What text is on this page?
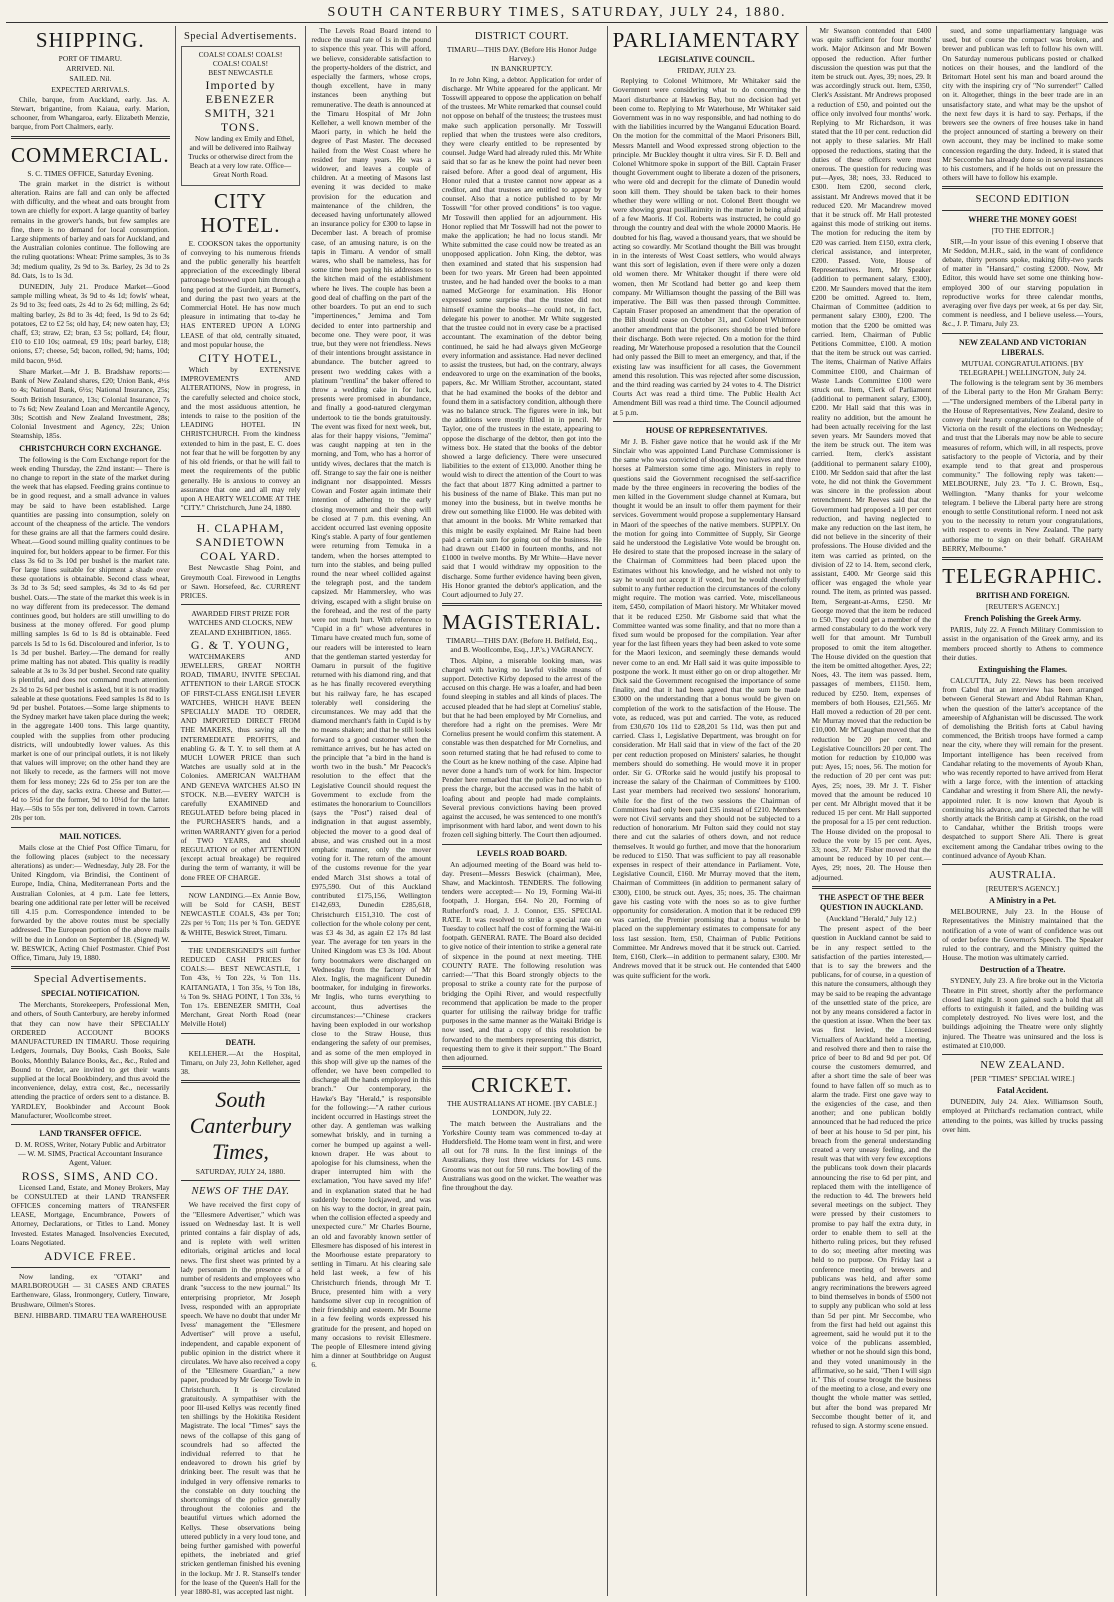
SOUTH CANTERBURY TIMES, SATURDAY, JULY 24, 1880.
SHIPPING.
PORT OF TIMARU.
ARRIVED. Nil.
SAILED. Nil.
EXPECTED ARRIVALS.

Chile, barque, from Auckland, early. Jas. A. Stewart, brigantine, from Kaiaua, early. Marion, schooner, from Whangaroa, early. Elizabeth Menzie, barque, from Port Chalmers, early.

COMMERCIAL.
S. C. TIMES OFFICE, Saturday Evening.

The grain market in the district is without alteration. Rains are fall and can only be affected with difficulty, and the wheat and oats brought from town are chiefly for export. A large quantity of barley remains in the grower's hands, but few samples are fine, there is no demand for local consumption. Large shipments of barley and oats for Auckland, and the Australian colonies continue. The following are the ruling quotations: Wheat: Prime samples, 3s to 3s 3d; medium quality, 2s 9d to 3s. Barley, 2s 3d to 2s 8d. Oats, 1s to 1s 3d.

DUNEDIN, July 21. Produce Market—Good sample milling wheat, 3s 9d to 4s 1d; fowls' wheat, 2s 9d to 3s; feed oats, 2s 4d to 2s 6d; milling, 2s 6d; malting barley, 2s 8d to 3s 4d; feed, 1s 9d to 2s 6d; potatoes, £2 to £2 5s; old hay, £4; new oaten hay, £3; chaff, £3; straw, £2; bran, £3 5s; pollard, £4; flour, £10 to £10 10s; oatmeal, £9 10s; pearl barley, £18; onions, £7; cheese, 5d; bacon, rolled, 9d; hams, 10d; mild bacon, 9½d.

Share Market.—Mr J. B. Bradshaw reports:—Bank of New Zealand shares, £20; Union Bank, 4½s to 4s; National Bank, 6½s; National Insurance, 25s; South British Insurance, 13s; Colonial Insurance, 7s to 7s 6d; New Zealand Loan and Mercantile Agency, 30s; Scottish and New Zealand Investment, 28s; Colonial Investment and Agency, 22s; Union Steamship, 185s.

CHRISTCHURCH CORN EXCHANGE.

The following is the Corn Exchange report for the week ending Thursday, the 22nd instant:— There is no change to report in the state of the market during the week that has elapsed. Feeding grains continue to be in good request, and a small advance in values may be said to have been established. Large quantities are passing into consumption, solely on account of the cheapness of the article. The vendors for these grains are all that the farmers could desire. Wheat.—Good sound milling quality continues to be inquired for, but holders appear to be firmer. For this class 3s 6d to 3s 10d per bushel is the market rate. For large lines suitable for shipment a shade over these quotations is obtainable. Second class wheat, 3s 3d to 3s 5d; seed samples, 4s 3d to 4s 6d per bushel. Oats.—The state of the market this week is in no way different from its predecessor. The demand continues good, but holders are still unwilling to do business at the money offered. For good plump milling samples 1s 6d to 1s 8d is obtainable. Feed parcels 1s 5d to 1s 6d. Discoloured and inferior, 1s to 1s 3d per bushel. Barley.—The demand for really prime malting has not abated. This quality is readily saleable at 3s to 3s 3d per bushel. Second rate quality is plentiful, and does not command much attention. 2s 3d to 2s 6d per bushel is asked, but it is not readily saleable at these quotations. Feed samples 1s 8d to 1s 9d per bushel. Potatoes.—Some large shipments to the Sydney market have taken place during the week; in the aggregate 1400 tons. This large quantity, coupled with the supplies from other producing districts, will undoubtedly lower values. As this market is one of our principal outlets, it is not likely that values will improve; on the other hand they are not likely to recede, as the farmers will not move them for less money; 22s 6d to 25s per ton are the prices of the day, sacks extra. Cheese and Butter.—4d to 5½d for the former, 9d to 10½d for the latter. Hay.—50s to 55s per ton, delivered in town. Carrots 20s per ton.

MAIL NOTICES.

Mails close at the Chief Post Office Timaru, for the following places (subject to the necessary alterations) as under:— Wednesday, July 28. For the United Kingdom, via Brindisi, the Continent of Europe, India, China, Mediterranean Ports and the Australian Colonies, at 4 p.m. Late fee letters, bearing one additional rate per letter will be received till 4.15 p.m. Correspondence intended to be forwarded by the above routes must be specially addressed. The European portion of the above mails will be due in London on September 18. (Signed) W. W. BESWICK, Acting Chief Postmaster. Chief Post Office, Timaru, July 19, 1880.

Special Advertisements.
SPECIAL NOTIFICATION.

The Merchants, Storekeepers, Professional Men, and others, of South Canterbury, are hereby informed that they can now have their SPECIALLY ORDERED ACCOUNT BOOKS MANUFACTURED IN TIMARU. Those requiring Ledgers, Journals, Day Books, Cash Books, Sale Books, Monthly Balance Books, &c., &c., Ruled and Bound to Order, are invited to get their wants supplied at the local Bookbindery, and thus avoid the inconvenience, delay, extra cost, &c., necessarily attending the practice of orders sent to a distance. B. YARDLEY, Bookbinder and Account Book Manufacturer, Woollcombe street.

LAND TRANSFER OFFICE.
D. M. ROSS, Writer, Notary Public and Arbitrator — W. M. SIMS, Practical Accountant Insurance Agent, Valuer.
ROSS, SIMS, AND CO.

Licensed Land, Estate, and Money Brokers, May be CONSULTED at their LAND TRANSFER OFFICES concerning matters of TRANSFER LEASE, Mortgage, Encumbrance, Powers of Attorney, Declarations, or Titles to Land. Money Invested. Estates Managed. Insolvencies Executed, Loans Negotiated.

ADVICE FREE.

Now landing, ex "OTAKI" and MARLBOROUGH — 31 CASES AND CRATES Earthenware, Glass, Ironmongery, Cutlery, Tinware, Brushware, Oilmen's Stores.

BENJ. HIBBARD. TIMARU TEA WAREHOUSE
Special Advertisements.
COALS! COALS! COALS! COALS! COALS!
BEST NEWCASTLE
Imported by EBENEZER SMITH, 321 TONS.

Now landing ex Emily and Ethel, and will be delivered into Railway Trucks or otherwise direct from the Beach at a very low rate. Office—Great North Road.

CITY HOTEL.

E. COOKSON takes the opportunity of conveying to his numerous friends and the public generally his heartfelt appreciation of the exceedingly liberal patronage bestowed upon him through a long period at the Gurdeit, at Burnett's, and during the past two years at the Commercial Hotel. He has now much pleasure in intimating that to-day he HAS ENTERED UPON A LONG LEASE of that old, centrally situated, and most popular house, the

CITY HOTEL,

Which by EXTENSIVE IMPROVEMENTS AND ALTERATIONS, Now in progress, in the carefully selected and choice stock, and the most assiduous attention, he intends to raise to the position of the LEADING HOTEL IN CHRISTCHURCH. From the kindness extended to him in the past, E. C. does not fear that he will be forgotten by any of his old friends, or that he will fail to meet the requirements of the public generally. He is anxious to convey an assurance that one and all may rely upon A HEARTY WELCOME AT THE "CITY." Christchurch, June 24, 1880.

H. CLAPHAM, SANDIETOWN COAL YARD.

Best Newcastle Shag Point, and Greymouth Coal. Firewood in Lengths or Sawn. Horsefeed, &c. CURRENT PRICES.

AWARDED FIRST PRIZE FOR WATCHES AND CLOCKS, NEW ZEALAND EXHIBITION, 1865.
G. & T. YOUNG,

WATCHMAKERS AND JEWELLERS, GREAT NORTH ROAD, TIMARU, INVITE SPECIAL ATTENTION to their LARGE STOCK OF FIRST-CLASS ENGLISH LEVER WATCHES, WHICH HAVE BEEN SPECIALLY MADE TO ORDER, AND IMPORTED DIRECT FROM THE MAKERS, thus saving all the INTERMEDIATE PROFITS, and enabling G. & T. Y. to sell them at A MUCH LOWER PRICE than such Watches are usually sold at in the Colonies. AMERICAN WALTHAM AND GENEVA WATCHES ALSO IN STOCK. N.B.—EVERY WATCH is carefully EXAMINED and REGULATED before being placed in the PURCHASER'S hands, and a written WARRANTY given for a period of TWO YEARS, and should REGULATION or other ATTENTION (except actual breakage) be required during the term of warranty, it will be done FREE OF CHARGE.

NOW LANDING.—Ex Annie Bow, will be Sold for CASH, BEST NEWCASTLE COALS, 43s per Ton; 22s per ½ Ton; 11s per ¼ Ton. GEDYE & WHITE, Beswick Street, Timaru.

THE UNDERSIGNED'S still further REDUCED CASH PRICES for COALS:— BEST NEWCASTLE, 1 Ton 43s, ½ Ton 22s, ¼ Ton 11s. KAITANGATA, 1 Ton 35s, ½ Ton 18s, ¼ Ton 9s. SHAG POINT, 1 Ton 33s, ½ Ton 17s. EBENEZER SMITH, Coal Merchant, Great North Road (near Melville Hotel)

DEATH.

KELLEHER.—At the Hospital, Timaru, on July 23, John Kelleher, aged 38.

South Canterbury Times,
SATURDAY, JULY 24, 1880.
NEWS OF THE DAY.

We have received the first copy of the "Ellesmere Advertiser," which was issued on Wednesday last. It is well printed contains a fair display of ads, and is replete with well written editorials, original articles and local news. The first sheet was printed by a lady personam in the presence of a number of residents and employees who drank "success to the new journal." Its enterprising proprietor, Mr Joseph Ivess, responded with an appropriate speech. We have no doubt that under Mr Ivess' management the "Ellesmere Advertiser" will prove a useful, independent, and capable exponent of public opinion in the district where it circulates. We have also received a copy of the "Ellesmere Guardian," a new paper, produced by Mr George Towle in Christchurch. It is circulated gratuitously. A sympathiser with the poor Ill-used Kellys was recently fined ten shillings by the Hokitika Resident Magistrate. The local "Times" says the news of the collapse of this gang of scoundrels had so affected the individual referred to that he endeavored to drown his grief by drinking beer. The result was that he indulged in very offensive remarks to the constable on duty touching the shortcomings of the police generally throughout the colonies and the beautiful virtues which adorned the Kellys. These observations being uttered publicly in a very loud tone, and being further garnished with powerful epithets, the inebriated and grief stricken gentleman finished his evening in the lockup. Mr J. R. Stansell's tender for the lease of the Queen's Hall for the year 1880-81, was accepted last night.

The Levels Road Board intend to reduce the usual rate of 1s in the pound to sixpence this year. This will afford, we believe, considerable satisfaction to the property-holders of the district, and especially the farmers, whose crops, though excellent, have in many instances been anything but remunerative. The death is announced at the Timaru Hospital of Mr John Kelleher, a well known member of the Maori party, in which he held the degree of Past Master. The deceased hailed from the West Coast where he resided for many years. He was a widower, and leaves a couple of children. At a meeting of Masons last evening it was decided to make provision for the education and maintenance of the children, the deceased having unfortunately allowed an insurance policy for £300 to lapse in December last. A breach of promise case, of an amusing nature, is on the tapis in Timaru. A vendor of small wares, who shall be nameless, has for some time been paying his addresses to the kitchen maid of the establishment where he lives. The couple has been a good deal of chaffing on the part of the other boarders. To put an end to such "impertinences," Jemima and Tom decided to enter into partnership and become one. They were poor, it was true, but they were not friendless. News of their intentions brought assistance in abundance. The butcher agreed to present two wedding cakes with a platinum "rentlina" the baker offered to throw a wedding cake in for luck, presents were promised in abundance, and finally a good-natured clergyman undertook to tie the bonds gratuitously. The event was fixed for next week, but, alas for their happy visions, "Jemima" was caught napping at ten in the morning, and Tom, who has a horror of untidy wives, declares that the match is off. Strange to say the fair one is neither indignant nor disappointed. Messrs Cowan and Foster again intimate their intention of adhering to the early closing movement and their shop will be closed at 7 p.m. this evening. An accident occurred last evening opposite King's stable. A party of four gentlemen were returning from Temuka in a tandem, when the horses attempted to turn into the stables, and being pulled round the near wheel collided against the telegraph post, and the tandem capsized. Mr Hammersley, who was driving, escaped with a slight bruise on the forehead, and the rest of the party were not much hurt. With reference to "Cupid in a fit" whose adventures in Timaru have created much fun, some of our readers will be interested to learn that the gentleman started yesterday for Oamaru in pursuit of the fugitive returned with his diamond ring, and that as he has finally recovered everything but his railway fare, he has escaped tolerably well considering the circumstances. We may add that the diamond merchant's faith in Cupid is by no means shaken; and that he still looks forward to a good customer when the remittance arrives, but he has acted on the principle that "a bird in the hand is worth two in the bush." Mr Peacock's resolution to the effect that the Legislative Council should request the Government to exclude from the estimates the honorarium to Councillors (says the "Post") raised deal of indignation in that august assembly, objected the mover to a good deal of abuse, and was crushed out in a most emphatic manner, only the mover voting for it. The return of the amount of the customs revenue for the year ended March 31st shows a total of £975,590. Out of this Auckland contributed £175,156, Wellington £142,693, Dunedin £285,618, Christchurch £151,310. The cost of collection for the whole colony per cent, was £3 4s 3d, as again £2 17s 8d last year. The average for ten years in the United Kingdom was £3 3s 10d. About forty bootmakers were discharged on Wednesday from the factory of Mr Alex. Inglis, the magnificent Dunedin bootmaker, for indulging in fireworks. Mr Inglis, who turns everything to account, thus advertises the circumstances:—"Chinese crackers having been exploded in our workshop close to the Straw House, thus endangering the safety of our premises, and as some of the men employed in this shop will give up the names of the offender, we have been compelled to discharge all the hands employed in this branch." Our contemporary, the Hawke's Bay "Herald," is responsible for the following:—"A rather curious incident occurred in Hastings street the other day. A gentleman was walking somewhat briskly, and in turning a corner he bumped up against a well-known draper. He was about to apologise for his clumsiness, when the draper interrupted him with the exclamation, 'You have saved my life!' and in explanation stated that he had suddenly become lockjawed, and was on his way to the doctor, in great pain, when the collision effected a speedy and unexpected cure." Mr Charles Bourne, an old and favorably known settler of Ellesmere has disposed of his interest in the Moorhouse estate preparatory to settling in Timaru. At his clearing sale held last week, a few of his Christchurch friends, through Mr T. Bruce, presented him with a very handsome silver cup in recognition of their friendship and esteem. Mr Bourne in a few feeling words expressed his gratitude for the present, and hoped on many occasions to revisit Ellesmere. The people of Ellesmere intend giving him a dinner at Southbridge on August 6.

DISTRICT COURT.
TIMARU—THIS DAY. (Before His Honor Judge Harvey.)
IN BANKRUPTCY.

In re John King, a debtor. Application for order of discharge. Mr White appeared for the applicant. Mr Tosswill appeared to oppose the application on behalf of the trustees. Mr White remarked that counsel could not oppose on behalf of the trustees; the trustees must make such application personally. Mr Tosswill replied that when the trustees were also creditors, they were clearly entitled to be represented by counsel. Judge Ward had already ruled this. Mr White said that so far as he knew the point had never been raised before. After a good deal of argument, His Honor ruled that a trustee cannot now appear as a creditor, and that trustees are entitled to appear by counsel. Also that a notice published to by Mr Tosswill "for other proved conditions" is too vague. Mr Tosswill then applied for an adjournment. His Honor replied that Mr Tosswill had not the power to make the application; he had no locus standi. Mr White submitted the case could now be treated as an unopposed application. John King, the debtor, was then examined and stated that his suspension had been for two years. Mr Green had been appointed trustee, and he had handed over the books to a man named McGeorge for examination. His Honor expressed some surprise that the trustee did not himself examine the books—he could not, in fact, delegate his power to another. Mr White suggested that the trustee could not in every case be a practised accountant. The examination of the debtor being continued, he said he had always given McGeorge every information and assistance. Had never declined to assist the trustees, but had, on the contrary, always endeavored to urge on the examination of the books, papers, &c. Mr William Strother, accountant, stated that he had examined the books of the debtor and found them in a satisfactory condition, although there was no balance struck. The figures were in ink, but the additions were mostly filled in in pencil. Mr Taylor, one of the trustees in the estate, appearing to oppose the discharge of the debtor, then got into the witness box. He stated that the books of the debtor showed a large deficiency. There were unsecured liabilities to the extent of £13,000. Another thing he would wish to direct the attention of the Court to was the fact that about 1877 King admitted a partner to his business of the name of Blake. This man put no money into the business, but in twelve months he drew out something like £1000. He was debited with that amount in the books. Mr White remarked that this might be easily explained. Mr Raine had been paid a certain sum for going out of the business. He had drawn out £1400 in fourteen months, and not £1000 in twelve months. By Mr White—Have never said that I would withdraw my opposition to the discharge. Some further evidence having been given, His Honor granted the debtor's application, and the Court adjourned to July 27.

MAGISTERIAL.
TIMARU—THIS DAY. (Before H. Belfield, Esq., and B. Woollcombe, Esq., J.P.'s.) VAGRANCY.

Thos. Alpine, a miserable looking man, was charged with having no lawful visible means of support. Detective Kirby deposed to the arrest of the accused on this charge. He was a loafer, and had been found sleeping in stables and all kinds of places. The accused pleaded that he had slept at Cornelius' stable, but that he had been employed by Mr Cornelius, and therefore had a right on the premises. Were Mr Cornelius present he would confirm this statement. A constable was then despatched for Mr Cornelius, and soon returned stating that he had refused to come to the Court as he knew nothing of the case. Alpine had never done a hand's turn of work for him. Inspector Pender here remarked that the police had no wish to press the charge, but the accused was in the habit of loafing about and people had made complaints. Several previous convictions having been proved against the accused, he was sentenced to one month's imprisonment with hard labor, and went down to his frozen cell sighing bitterly. The Court then adjourned.

LEVELS ROAD BOARD.

An adjourned meeting of the Board was held to-day. Present—Messrs Beswick (chairman), Mee, Shaw, and Mackintosh. TENDERS. The following tenders were accepted:— No 19, Forming Wai-iti footpath, J. Horgan, £64. No 20, Forming of Rutherford's road, J. J. Connor, £35. SPECIAL RATE. It was resolved to strike a special rate on Tuesday to collect half the cost of forming the Wai-iti footpath. GENERAL RATE. The Board also decided to give notice of their intention to strike a general rate of sixpence in the pound at next meeting. THE COUNTY RATE. The following resolution was carried:—"That this Board strongly objects to the proposal to strike a county rate for the purpose of bridging the Opihi River, and would respectfully recommend that application be made to the proper quarter for utilising the railway bridge for traffic purposes in the same manner as the Waitaki Bridge is now used, and that a copy of this resolution be forwarded to the members representing this district, requesting them to give it their support." The Board then adjourned.

CRICKET.
THE AUSTRALIANS AT HOME. [BY CABLE.] LONDON, July 22.

The match between the Australians and the Yorkshire County team was commenced to-day at Huddersfield. The Home team went in first, and were all out for 78 runs. In the first innings of the Australians, they lost three wickets for 143 runs. Grooms was not out for 50 runs. The bowling of the Australians was good on the wicket. The weather was fine throughout the day.

PARLIAMENTARY
LEGISLATIVE COUNCIL.
FRIDAY, JULY 23.

Replying to Colonel Whitmore, Mr Whitaker said the Government were considering what to do concerning the Maori disturbance at Hawkes Bay, but no decision had yet been come to. Replying to Mr Waterhouse, Mr Whitaker said Government was in no way responsible, and had nothing to do with the liabilities incurred by the Wanganui Education Board. On the motion for the committal of the Maori Prisoners Bill, Messrs Mantell and Wood expressed strong objection to the principle. Mr Buckley thought it ultra vires. Sir F. D. Bell and Colonel Whitmore spoke in support of the Bill. Captain Fraser thought Government ought to liberate a dozen of the prisoners, who were old and decrepit for the climate of Dunedin would soon kill them. They should be taken back to their homes whether they were willing or not. Colonel Brett thought we were showing great pusillanimity in the matter in being afraid of a few Maoris. If Col. Roberts was instructed, he could go through the country and deal with the whole 20000 Maoris. He doubted for his flag, waved a thousand years, that we should be acting so cowardly. Mr Scotland thought the Bill was brought in in the interests of West Coast settlers, who would always want this sort of legislation, even if there were only a dozen old women there. Mr Whitaker thought if there were old women, then Mr Scotland had better go and keep them company. Mr Williamson thought the passing of the Bill was imperative. The Bill was then passed through Committee. Captain Fraser proposed an amendment that the operation of the Bill should cease on October 31, and Colonel Whitmore another amendment that the prisoners should be tried before their discharge. Both were rejected. On a motion for the third reading, Mr Waterhouse proposed a resolution that the Council had only passed the Bill to meet an emergency, and that, if the existing law was insufficient for all cases, the Government amend this resolution. This was rejected after some discussion, and the third reading was carried by 24 votes to 4. The District Courts Act was read a third time. The Public Health Act Amendment Bill was read a third time. The Council adjourned at 5 p.m.

HOUSE OF REPRESENTATIVES.

Mr J. B. Fisher gave notice that he would ask if the Mr Sinclair who was appointed Land Purchase Commissioner is the same who was convicted of shooting two natives and three horses at Palmerston some time ago. Ministers in reply to questions said the Government recognised the self-sacrifice made by the three engineers in recovering the bodies of the men killed in the Government sludge channel at Kumara, but thought it would be an insult to offer them payment for their services. Government would propose a supplementary Hansard in Maori of the speeches of the native members. SUPPLY. On the motion for going into Committee of Supply, Sir George said he understood the Legislative Vote would be brought on. He desired to state that the proposed increase in the salary of the Chairman of Committees had been placed upon the Estimates without his knowledge, and he wished not only to say he would not accept it if voted, but he would cheerfully submit to any further reduction the circumstances of the colony might require. The motion was carried. Vote, miscellaneous item, £450, compilation of Maori history. Mr Whitaker moved that it be reduced £250. Mr Gisborne said that what the Committee wanted was some finality, and that no more than a fixed sum would be proposed for the compilation. Year after year for the last fifteen years they had been asked to vote some for the Maori lexicon, and seemingly these demands would never come to an end. Mr Hall said it was quite impossible to postpone the work. It must either go on or drop altogether. Mr Dick said the Government recognised the importance of some finality, and that it had been agreed that the sum be made £3000 on the understanding that a bonus would be given on completion of the work to the satisfaction of the House. The vote, as reduced, was put and carried. The vote, as reduced from £30,670 10s 11d to £28,201 5s 11d, was then put and carried. Class 1, Legislative Department, was brought on for consideration. Mr Hall said that in view of the fact of the 20 per cent reduction proposed on Ministers' salaries, he thought members should do something. He would move it in proper order. Sir G. O'Rorke said he would justify his proposal to increase the salary of the Chairman of Committees by £100. Last year members had received two sessions' honorarium, while for the first of the two sessions the Chairman of Committees had only been paid £35 instead of £210. Members were not Civil servants and they should not be subjected to a reduction of honorarium. Mr Fulton said they could not stay there and cut the salaries of others down, and not reduce themselves. It would go further, and move that the honorarium be reduced to £150. That was sufficient to pay all reasonable expenses in respect of their attendance in Parliament. Vote, Legislative Council, £160. Mr Murray moved that the item, Chairman of Committees (in addition to permanent salary of £300), £100, be struck out. Ayes, 35; noes, 35. The chairman gave his casting vote with the noes so as to give further opportunity for consideration. A motion that it be reduced £99 was carried, the Premier promising that a bonus would be placed on the supplementary estimates to compensate for any loss last session. Item, £50, Chairman of Public Petitions Committee. Mr Andrews moved that it be struck out. Carried. Item, £160, Clerk—in addition to permanent salary, £300. Mr Andrews moved that it be struck out. He contended that £400 was quite sufficient for the work.

Mr Swanson contended that £400 was quite sufficient for four months' work. Major Atkinson and Mr Bowen opposed the reduction. After further discussion the question was put that the item be struck out. Ayes, 39; noes, 29. It was accordingly struck out. Item, £350, Clerk's Assistant. Mr Andrews proposed a reduction of £50, and pointed out the office only involved four months' work. Replying to Mr Richardson, it was stated that the 10 per cent. reduction did not apply to these salaries. Mr Hall opposed the reductions, stating that the duties of these officers were most onerous. The question for reducing was put—Ayes, 38; noes, 33. Reduced to £300. Item £200, second clerk, assistant. Mr Andrews moved that it be reduced £20. Mr Macandrew moved that it be struck off. Mr Hall protested against this mode of striking out items. The motion for reducing the item by £20 was carried. Item £150, extra clerk, clerical assistance, and interpreter, £200. Passed. Vote, House of Representatives. Item, Mr Speaker (addition to permanent salary, £300), £200. Mr Saunders moved that the item £200 be omitted. Agreed to. Item, Chairman of Committee (addition to permanent salary £300), £200. The motion that the £200 be omitted was carried. Item, Chairman of Public Petitions Committee, £100. A motion that the item be struck out was carried. The items, Chairman of Native Affairs Committee £100, and Chairman of Waste Lands Committee £100 were struck out. Item, Clerk of Parliament (additional to permanent salary, £300), £200. Mr Hall said that this was in reality no addition, but the amount he had been actually receiving for the last seven years. Mr Saunders moved that the item be struck out. The item was carried. Item, clerk's assistant (additional to permanent salary £100), £100. Mr Seddon said that after the last vote, he did not think the Government was sincere in the profession about retrenchment. Mr Reeves said that the Government had proposed a 10 per cent reduction, and having neglected to make any reduction on the last item, he did not believe in the sincerity of their professions. The House divided and the item was carried as printed, on the division of 22 to 14. Item, second clerk, assistant, £400. Mr George said this officer was engaged the whole year round. The item, as printed was passed. Item, Sergeant-at-Arms, £250. Mr George moved that the item be reduced to £50. They could get a member of the armed constabulary to do the work very well for that amount. Mr Turnbull proposed to omit the item altogether. The House divided on the question that the item be omitted altogether. Ayes, 22; Noes, 43. The item was passed. Item, passages of members, £1150. Item, reduced by £250. Item, expenses of members of both Houses, £21,565. Mr Hall moved a reduction of 20 per cent. Mr Murray moved that the reduction be £10,000. Mr M'Caughan moved that the reduction be 20 per cent, and Legislative Councillors 20 per cent. The motion for reduction by £10,000 was put: Ayes, 15; noes, 56. The motion for the reduction of 20 per cent was put: Ayes, 25; noes, 39. Mr J. T. Fisher moved that the amount be reduced 10 per cent. Mr Albright moved that it be reduced 15 per cent. Mr Hall supported the proposal for a 15 per cent reduction. The House divided on the proposal to reduce the vote by 15 per cent. Ayes, 33; noes, 37. Mr Fisher moved that the amount be reduced by 10 per cent.—Ayes, 29; noes, 20. The House then adjourned.

THE ASPECT OF THE BEER QUESTION IN AUCKLAND.
(Auckland "Herald," July 12.)

The present aspect of the beer question in Auckland cannot be said to be in any respect settled to the satisfaction of the parties interested,—that is to say the brewers and the publicans, for of course, in a question of this nature the consumers, although they may be said to be reaping the advantage of the unsettled state of the price, are not by any means considered a factor in the question at issue. When the beer tax was first levied, the Licensed Victuallers of Auckland held a meeting, and resolved there and then to raise the price of beer to 8d and 9d per pot. Of course the customers demurred, and after a short time the sale of beer was found to have fallen off so much as to alarm the trade. First one gave way to the exigencies of the case, and then another; and one publican boldly announced that he had reduced the price of beer at his house to 5d per pint, his breach from the general understanding created a very uneasy feeling, and the result was that with very few exceptions the publicans took down their placards announcing the rise to 6d per pint, and replaced them with the intelligence of the reduction to 4d. The brewers held several meetings on the subject. They were pressed by their customers to promise to pay half the extra duty, in order to enable them to sell at the hitherto ruling prices, but they refused to do so; meeting after meeting was held to no purpose. On Friday last a conference meeting of brewers and publicans was held, and after some angry recriminations the brewers agreed to bind themselves in bonds of £500 not to supply any publican who sold at less than 5d per pint. Mr Seccombe, who from the first had held out against this agreement, said he would put it to the voice of the publicans assembled, whether or not he should sign this bond, and they voted unanimously in the affirmative, so he said, "Then I will sign it." This of course brought the business of the meeting to a close, and every one thought the whole matter was settled, but after the bond was prepared Mr Seccombe thought better of it, and refused to sign. A stormy scene ensued.

sued, and some unparliamentary language was used, but of course the compact was broken, and brewer and publican was left to follow his own will. On Saturday numerous publicans posted or chalked notices on their houses, and the landlord of the Britomart Hotel sent his man and board around the city with the inspiring cry of "No surrender!" Called on it. Altogether, things in the beer trade are in an unsatisfactory state, and what may be the upshot of the next few days it is hard to say. Perhaps, if the brewers see the owners of free houses take in hand the project announced of starting a brewery on their own account, they may be inclined to make some concession regarding the duty. Indeed, it is stated that Mr Seccombe has already done so in several instances to his customers, and if he holds out on pressure the others will have to follow his example.

SECOND EDITION
WHERE THE MONEY GOES!
[TO THE EDITOR.]

SIR,—In your issue of this evening I observe that Mr Seddon, M.H.R., said, in the want of confidence debate, thirty persons spoke, making fifty-two yards of matter in "Hansard," costing £2000. Now, Mr Editor, this would have set some one thinking how-employed 300 of our starving population in reproductive works for three calendar months, averaging over five days per week, at 6s per day. Sir, comment is needless, and I believe useless.—Yours, &c., J. P. Timaru, July 23.

NEW ZEALAND AND VICTORIAN LIBERALS.
MUTUAL CONGRATULATIONS. [BY TELEGRAPH.] WELLINGTON, July 24.

The following is the telegram sent by 36 members of the Liberal party to the Hon Mr Graham Berry:—"The undersigned members of the Liberal party in the House of Representatives, New Zealand, desire to convey their hearty congratulations to the people of Victoria on the result of the elections on Wednesday; and trust that the Liberals may now be able to secure measures of reform, which will, in all respects, prove satisfactory to the people of Victoria, and by their example tend to that great and prosperous community." The following reply was taken:— MELBOURNE, July 23. "To J. C. Brown, Esq., Wellington. "Many thanks for your welcome telegram. I believe the Liberal party here are strong enough to settle Constitutional reform. I need not ask you to the necessity to return your congratulations, with respect to events in New Zealand. The party authorise me to sign on their behalf. GRAHAM BERRY, Melbourne."

TELEGRAPHIC.
BRITISH AND FOREIGN.
[REUTER'S AGENCY.]
French Polishing the Greek Army.

PARIS, July 22. A French Military Commission to assist in the organisation of the Greek army, and its members proceed shortly to Athens to commence their duties.

Extinguishing the Flames.

CALCUTTA, July 22. News has been received from Cabul that an interview has been arranged between General Stewart and Abdul Rahman Khan, when the question of the latter's acceptance of the ameership of Afghanistan will be discussed. The work of demolishing the British forts at Cabul having commenced, the British troops have formed a camp near the city, where they will remain for the present. Important intelligence has been received from Candahar relating to the movements of Ayoub Khan, who was recently reported to have arrived from Herat with a large force, with the intention of attacking Candahar and wresting it from Shere Ali, the newly-appointed ruler. It is now known that Ayoub is continuing his advance, and it is expected that he will shortly attack the British camp at Girishk, on the road to Candahar, whither the British troops were despatched to support Shere Ali. There is great excitement among the Candahar tribes owing to the continued advance of Ayoub Khan.

AUSTRALIA.
[REUTER'S AGENCY.]
A Ministry in a Pet.

MELBOURNE, July 23. In the House of Representatives the Ministry maintained that the notification of a vote of want of confidence was out of order before the Governor's Speech. The Speaker ruled to the contrary, and the Ministry quitted the House. The motion was ultimately carried.

Destruction of a Theatre.

SYDNEY, July 23. A fire broke out in the Victoria Theatre in Pitt street, shortly after the performance closed last night. It soon gained such a hold that all efforts to extinguish it failed, and the building was completely destroyed. No lives were lost, and the buildings adjoining the Theatre were only slightly injured. The Theatre was uninsured and the loss is estimated at £10,000.

NEW ZEALAND.
[PER "TIMES" SPECIAL WIRE.]
Fatal Accident.

DUNEDIN, July 24. Alex. Williamson South, employed at Pritchard's reclamation contract, while attending to the points, was killed by trucks passing over him.
